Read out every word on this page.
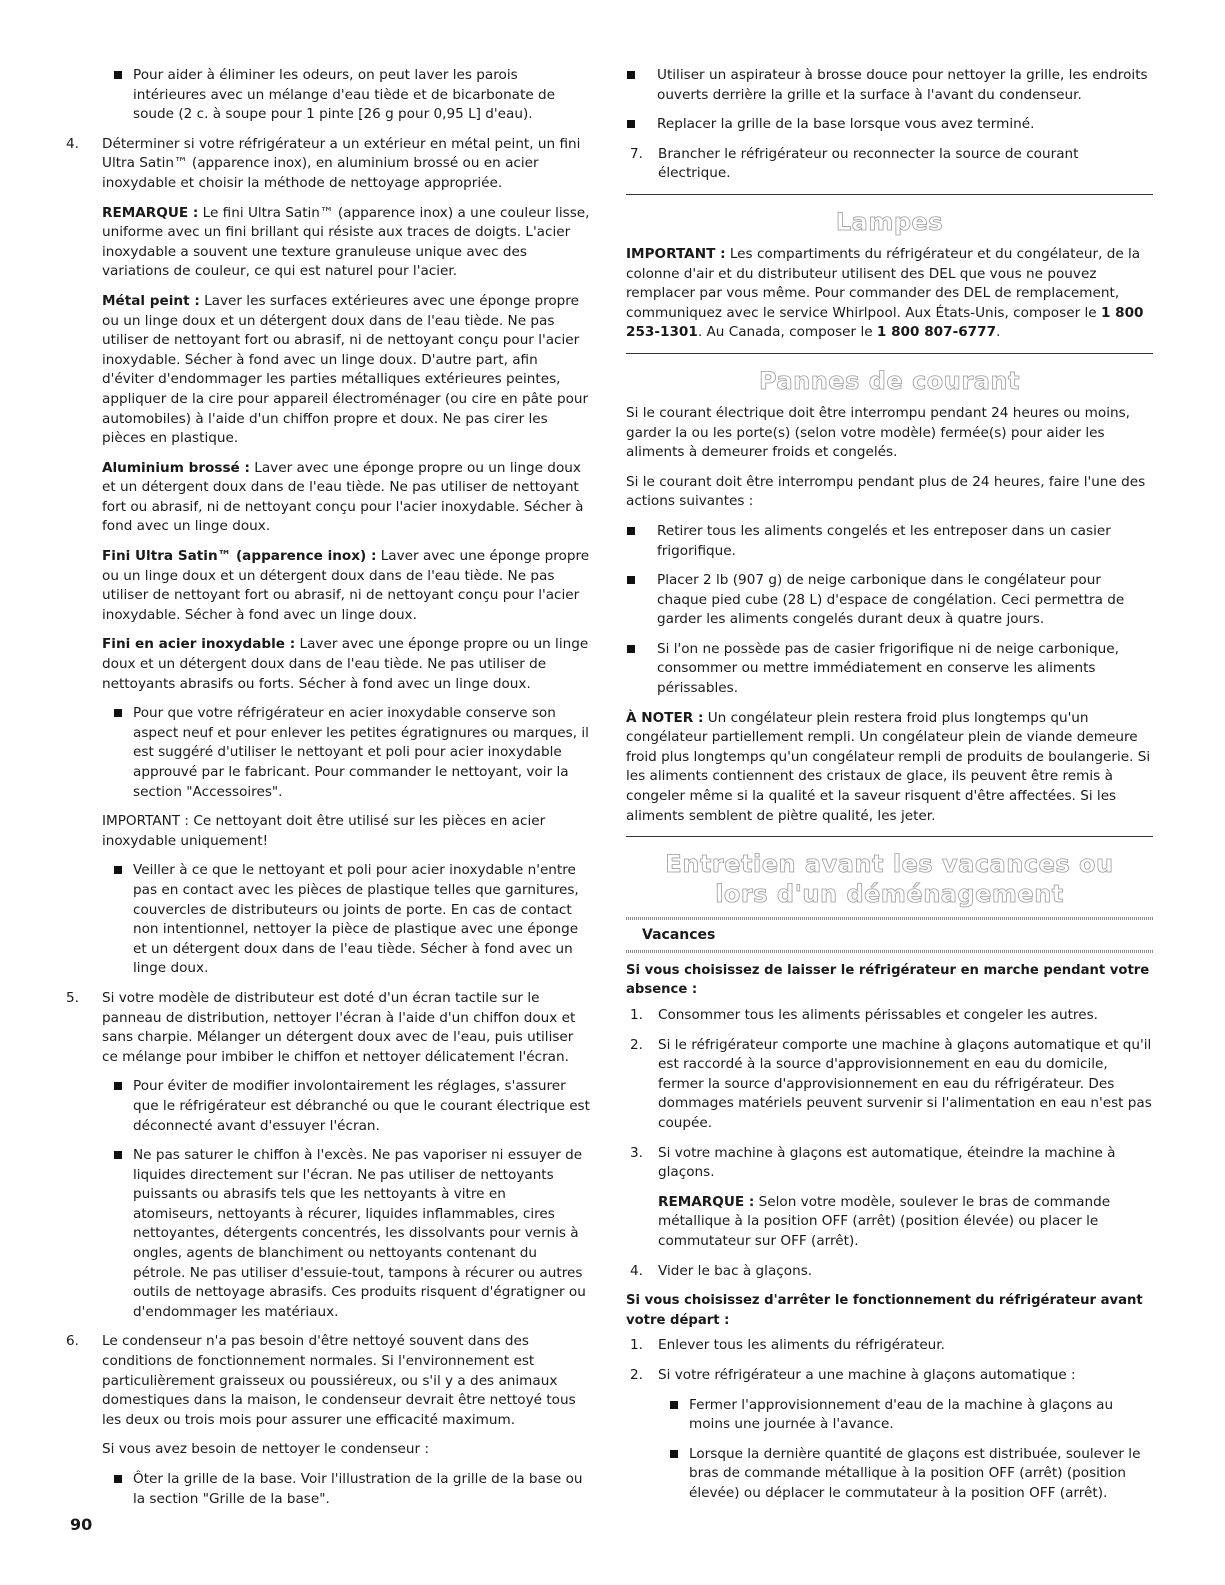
Pour aider à éliminer les odeurs, on peut laver les parois intérieures avec un mélange d'eau tiède et de bicarbonate de soude (2 c. à soupe pour 1 pinte [26 g pour 0,95 L] d'eau).
4. Déterminer si votre réfrigérateur a un extérieur en métal peint, un fini Ultra Satin™ (apparence inox), en aluminium brossé ou en acier inoxydable et choisir la méthode de nettoyage appropriée.

REMARQUE : Le fini Ultra Satin™ (apparence inox) a une couleur lisse, uniforme avec un fini brillant qui résiste aux traces de doigts. L'acier inoxydable a souvent une texture granuleuse unique avec des variations de couleur, ce qui est naturel pour l'acier.

Métal peint : Laver les surfaces extérieures avec une éponge propre ou un linge doux et un détergent doux dans de l'eau tiède. Ne pas utiliser de nettoyant fort ou abrasif, ni de nettoyant conçu pour l'acier inoxydable. Sécher à fond avec un linge doux. D'autre part, afin d'éviter d'endommager les parties métalliques extérieures peintes, appliquer de la cire pour appareil électroménager (ou cire en pâte pour automobiles) à l'aide d'un chiffon propre et doux. Ne pas cirer les pièces en plastique.

Aluminium brossé : Laver avec une éponge propre ou un linge doux et un détergent doux dans de l'eau tiède. Ne pas utiliser de nettoyant fort ou abrasif, ni de nettoyant conçu pour l'acier inoxydable. Sécher à fond avec un linge doux.

Fini Ultra Satin™ (apparence inox) : Laver avec une éponge propre ou un linge doux et un détergent doux dans de l'eau tiède. Ne pas utiliser de nettoyant fort ou abrasif, ni de nettoyant conçu pour l'acier inoxydable. Sécher à fond avec un linge doux.

Fini en acier inoxydable : Laver avec une éponge propre ou un linge doux et un détergent doux dans de l'eau tiède. Ne pas utiliser de nettoyants abrasifs ou forts. Sécher à fond avec un linge doux.

Pour que votre réfrigérateur en acier inoxydable conserve son aspect neuf et pour enlever les petites égratignures ou marques, il est suggéré d'utiliser le nettoyant et poli pour acier inoxydable approuvé par le fabricant. Pour commander le nettoyant, voir la section "Accessoires".

IMPORTANT : Ce nettoyant doit être utilisé sur les pièces en acier inoxydable uniquement!

Veiller à ce que le nettoyant et poli pour acier inoxydable n'entre pas en contact avec les pièces de plastique telles que garnitures, couvercles de distributeurs ou joints de porte. En cas de contact non intentionnel, nettoyer la pièce de plastique avec une éponge et un détergent doux dans de l'eau tiède. Sécher à fond avec un linge doux.
5. Si votre modèle de distributeur est doté d'un écran tactile sur le panneau de distribution, nettoyer l'écran à l'aide d'un chiffon doux et sans charpie. Mélanger un détergent doux avec de l'eau, puis utiliser ce mélange pour imbiber le chiffon et nettoyer délicatement l'écran.
Pour éviter de modifier involontairement les réglages, s'assurer que le réfrigérateur est débranché ou que le courant électrique est déconnecté avant d'essuyer l'écran.
Ne pas saturer le chiffon à l'excès. Ne pas vaporiser ni essuyer de liquides directement sur l'écran. Ne pas utiliser de nettoyants puissants ou abrasifs tels que les nettoyants à vitre en atomiseurs, nettoyants à récurer, liquides inflammables, cires nettoyantes, détergents concentrés, les dissolvants pour vernis à ongles, agents de blanchiment ou nettoyants contenant du pétrole. Ne pas utiliser d'essuie-tout, tampons à récurer ou autres outils de nettoyage abrasifs. Ces produits risquent d'égratigner ou d'endommager les matériaux.
6. Le condenseur n'a pas besoin d'être nettoyé souvent dans des conditions de fonctionnement normales. Si l'environnement est particulièrement graisseux ou poussiéreux, ou s'il y a des animaux domestiques dans la maison, le condenseur devrait être nettoyé tous les deux ou trois mois pour assurer une efficacité maximum.

Si vous avez besoin de nettoyer le condenseur :

Ôter la grille de la base. Voir l'illustration de la grille de la base ou la section "Grille de la base".
Utiliser un aspirateur à brosse douce pour nettoyer la grille, les endroits ouverts derrière la grille et la surface à l'avant du condenseur.
Replacer la grille de la base lorsque vous avez terminé.
7. Brancher le réfrigérateur ou reconnecter la source de courant électrique.
Lampes

IMPORTANT : Les compartiments du réfrigérateur et du congélateur, de la colonne d'air et du distributeur utilisent des DEL que vous ne pouvez remplacer par vous même. Pour commander des DEL de remplacement, communiquez avec le service Whirlpool. Aux États-Unis, composer le 1 800 253-1301. Au Canada, composer le 1 800 807-6777.

Pannes de courant

Si le courant électrique doit être interrompu pendant 24 heures ou moins, garder la ou les porte(s) (selon votre modèle) fermée(s) pour aider les aliments à demeurer froids et congelés.

Si le courant doit être interrompu pendant plus de 24 heures, faire l'une des actions suivantes :

Retirer tous les aliments congelés et les entreposer dans un casier frigorifique.
Placer 2 lb (907 g) de neige carbonique dans le congélateur pour chaque pied cube (28 L) d'espace de congélation. Ceci permettra de garder les aliments congelés durant deux à quatre jours.
Si l'on ne possède pas de casier frigorifique ni de neige carbonique, consommer ou mettre immédiatement en conserve les aliments périssables.

À NOTER : Un congélateur plein restera froid plus longtemps qu'un congélateur partiellement rempli. Un congélateur plein de viande demeure froid plus longtemps qu'un congélateur rempli de produits de boulangerie. Si les aliments contiennent des cristaux de glace, ils peuvent être remis à congeler même si la qualité et la saveur risquent d'être affectées. Si les aliments semblent de piètre qualité, les jeter.

Entretien avant les vacances ou
lors d'un déménagement
Vacances
Si vous choisissez de laisser le réfrigérateur en marche pendant votre absence :
1. Consommer tous les aliments périssables et congeler les autres.
2. Si le réfrigérateur comporte une machine à glaçons automatique et qu'il est raccordé à la source d'approvisionnement en eau du domicile, fermer la source d'approvisionnement en eau du réfrigérateur. Des dommages matériels peuvent survenir si l'alimentation en eau n'est pas coupée.
3. Si votre machine à glaçons est automatique, éteindre la machine à glaçons.

REMARQUE : Selon votre modèle, soulever le bras de commande métallique à la position OFF (arrêt) (position élevée) ou placer le commutateur sur OFF (arrêt).

4. Vider le bac à glaçons.
Si vous choisissez d'arrêter le fonctionnement du réfrigérateur avant votre départ :
1. Enlever tous les aliments du réfrigérateur.
2. Si votre réfrigérateur a une machine à glaçons automatique :
Fermer l'approvisionnement d'eau de la machine à glaçons au moins une journée à l'avance.
Lorsque la dernière quantité de glaçons est distribuée, soulever le bras de commande métallique à la position OFF (arrêt) (position élevée) ou déplacer le commutateur à la position OFF (arrêt).
90
